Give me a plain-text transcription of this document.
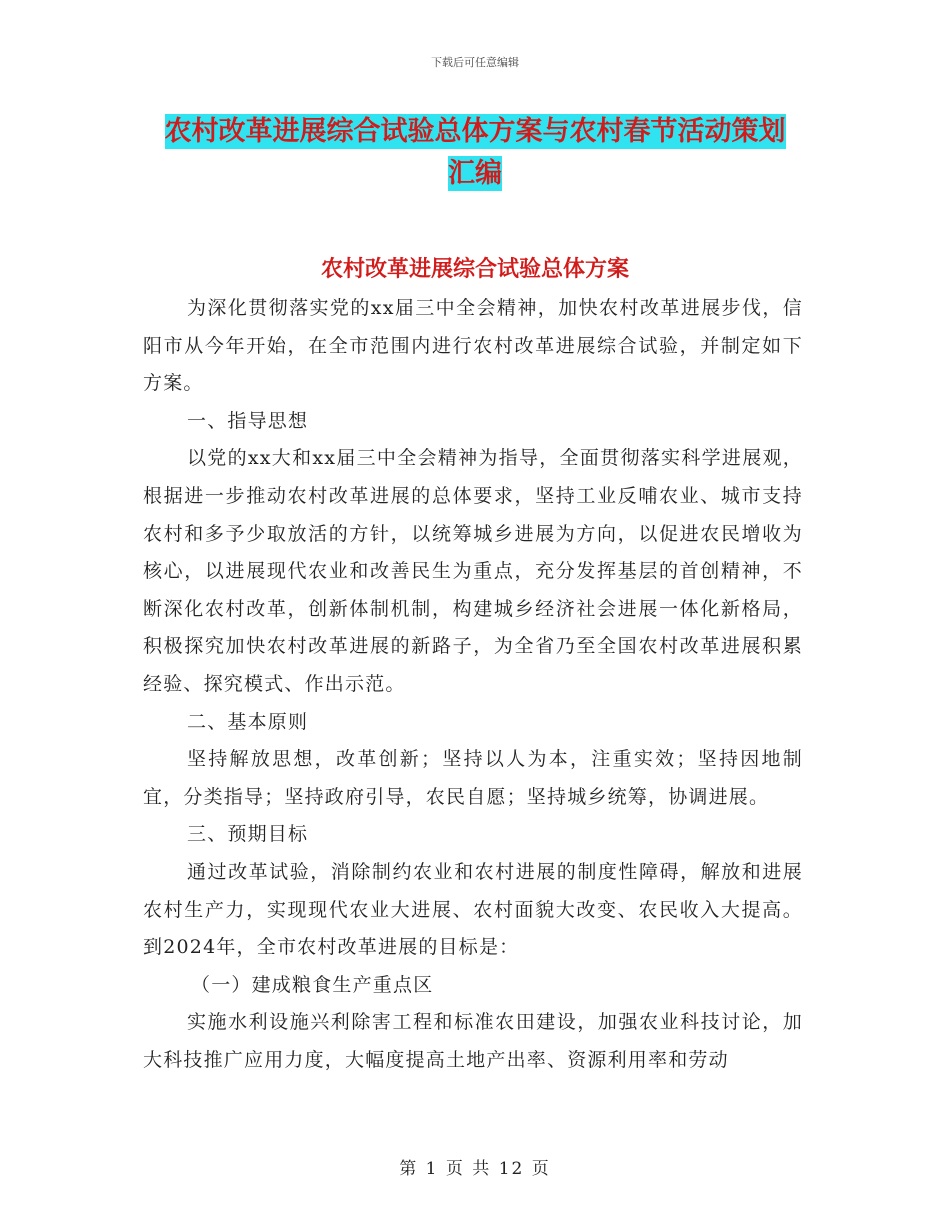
下载后可任意编辑
农村改革进展综合试验总体方案与农村春节活动策划
汇编
农村改革进展综合试验总体方案

为深化贯彻落实党的xx届三中全会精神，加快农村改革进展步伐，信阳市从今年开始，在全市范围内进行农村改革进展综合试验，并制定如下方案。

一、指导思想

以党的xx大和xx届三中全会精神为指导，全面贯彻落实科学进展观，根据进一步推动农村改革进展的总体要求，坚持工业反哺农业、城市支持农村和多予少取放活的方针，以统筹城乡进展为方向，以促进农民增收为核心，以进展现代农业和改善民生为重点，充分发挥基层的首创精神，不断深化农村改革，创新体制机制，构建城乡经济社会进展一体化新格局，积极探究加快农村改革进展的新路子，为全省乃至全国农村改革进展积累经验、探究模式、作出示范。

二、基本原则

坚持解放思想，改革创新；坚持以人为本，注重实效；坚持因地制宜，分类指导；坚持政府引导，农民自愿；坚持城乡统筹，协调进展。

三、预期目标

通过改革试验，消除制约农业和农村进展的制度性障碍，解放和进展农村生产力，实现现代农业大进展、农村面貌大改变、农民收入大提高。到2024年，全市农村改革进展的目标是：

（一）建成粮食生产重点区

实施水利设施兴利除害工程和标准农田建设，加强农业科技讨论，加大科技推广应用力度，大幅度提高土地产出率、资源利用率和劳动

第 1 页 共 12 页
